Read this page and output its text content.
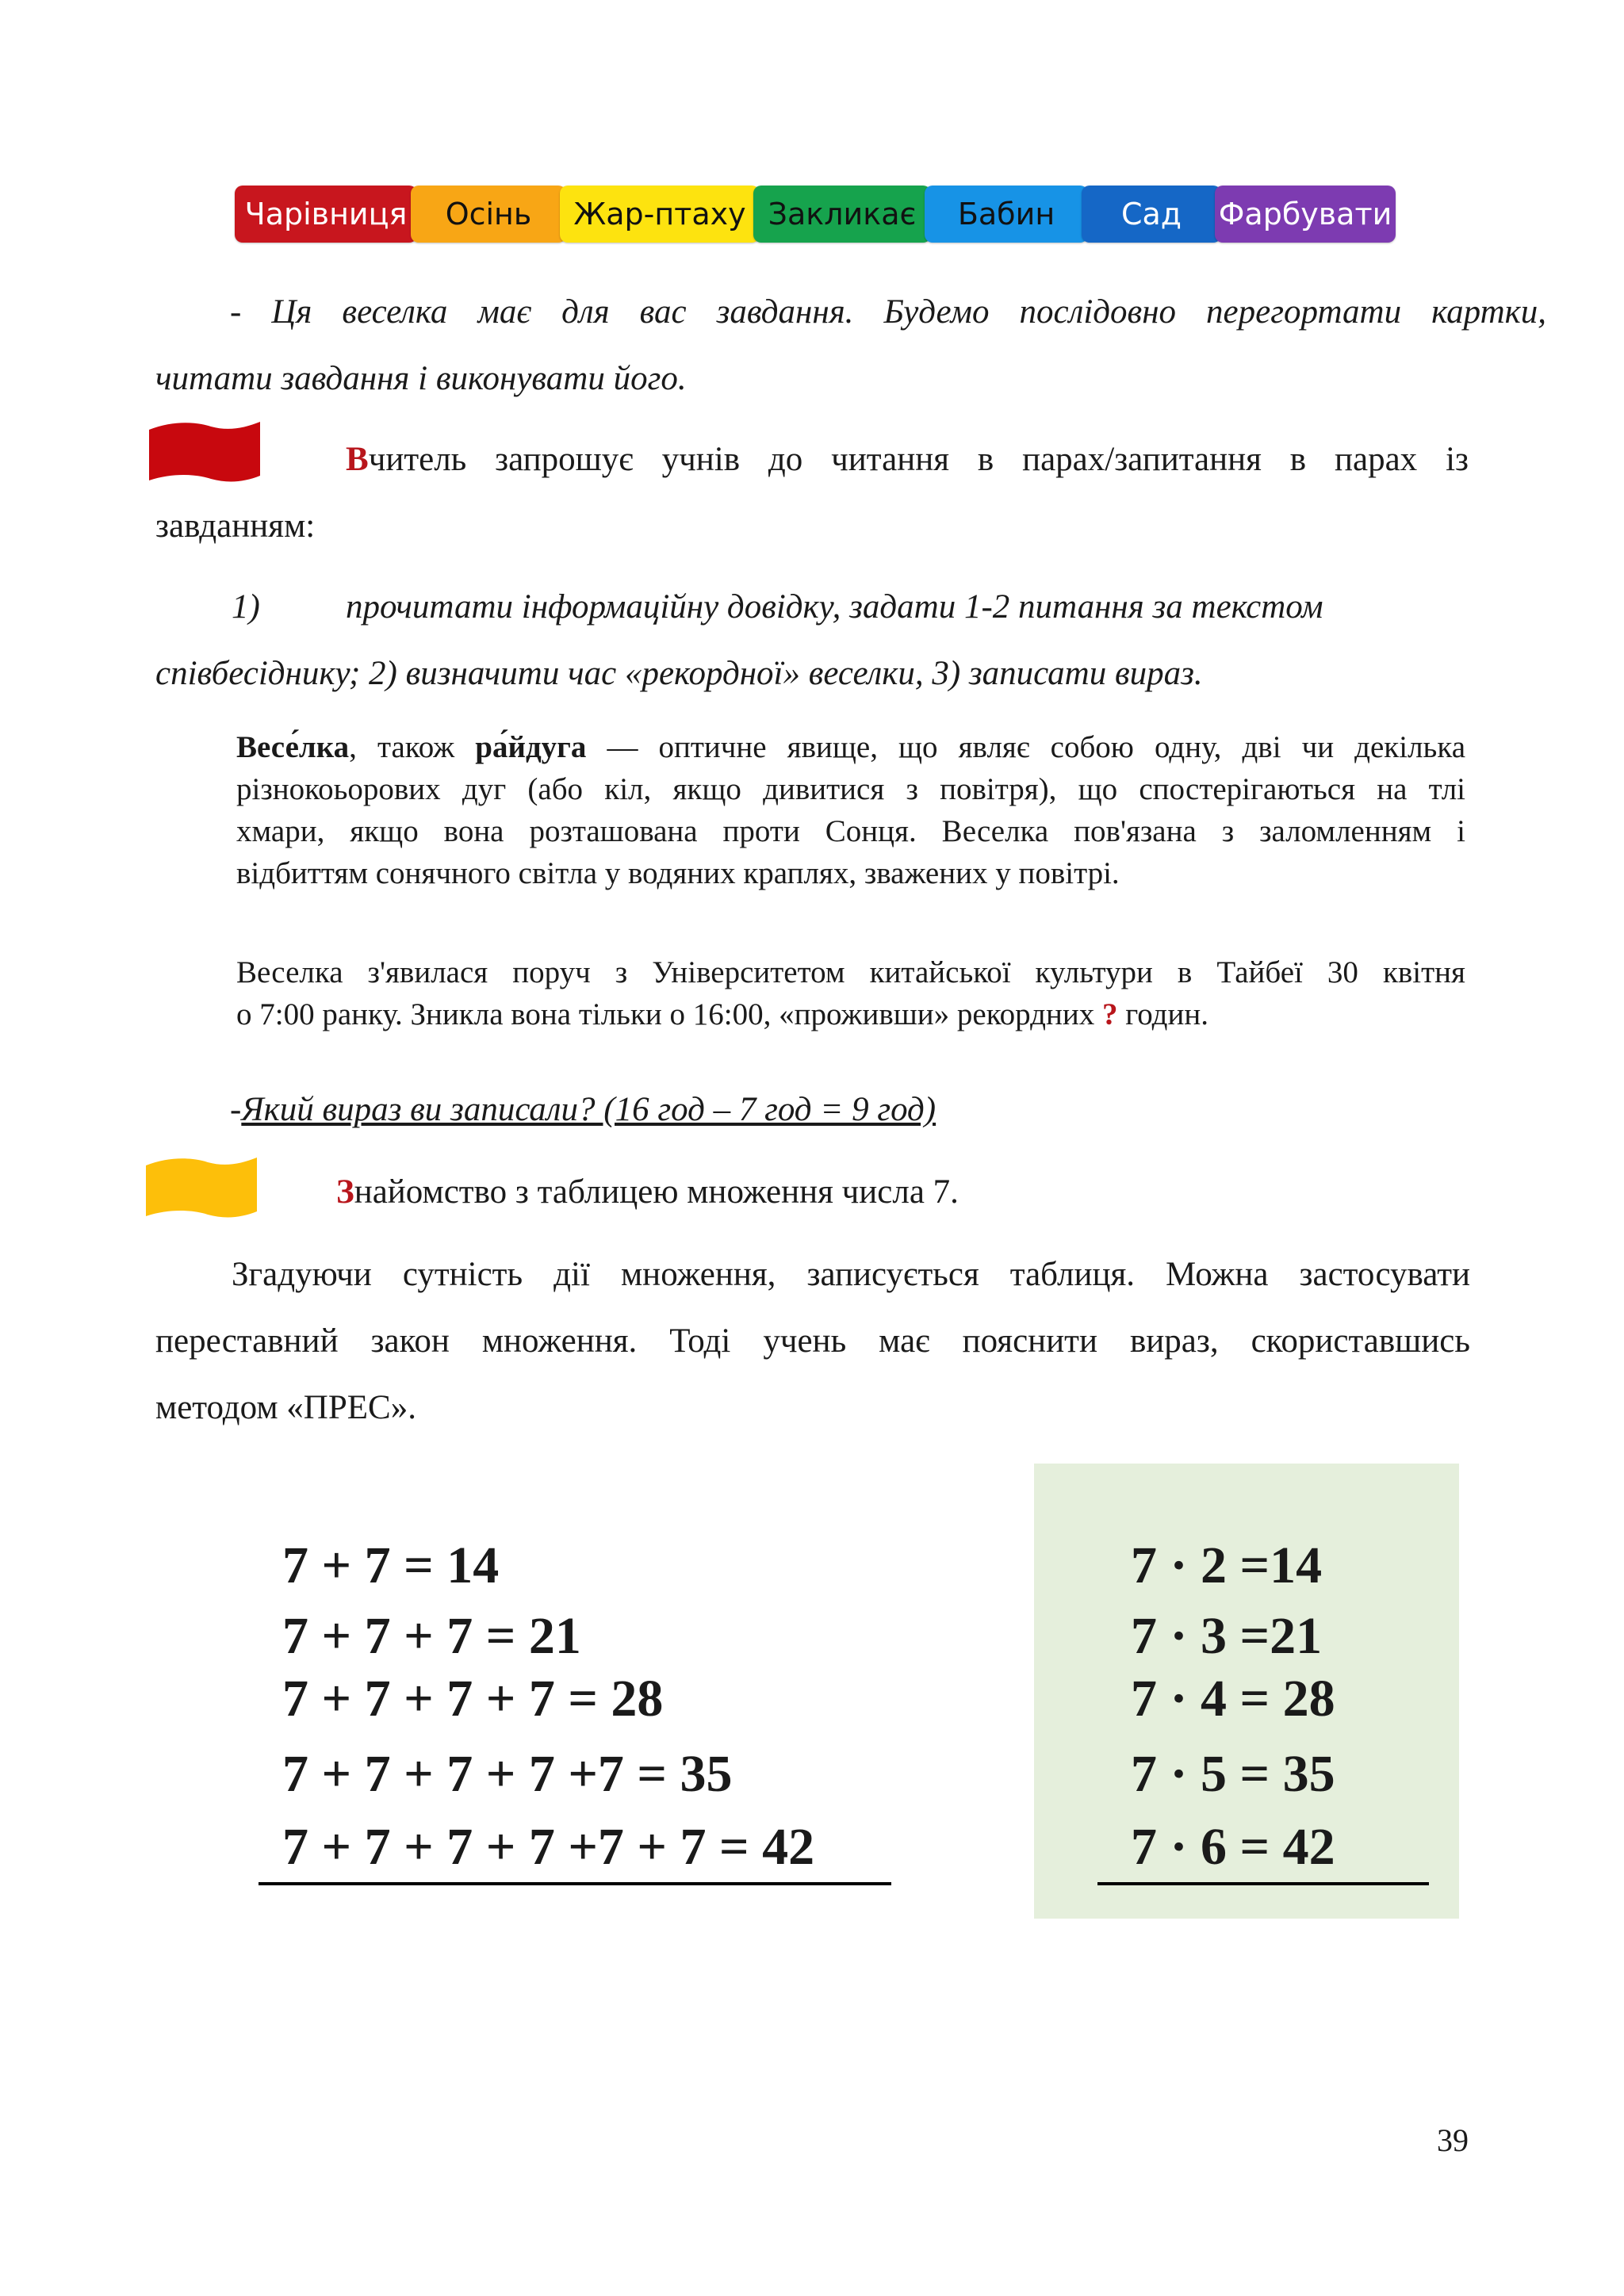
Чарівниця	Осінь	Жар-птаху Закликає	Бабин	Сад	Фарбувати
- Ця веселка має для вас завдання. Будемо послідовно перегортати картки,
читати завдання і виконувати його.
Вчитель запрошує учнів до читання в парах/запитання в парах із
завданням:
1)	прочитати інформаційну довідку, задати 1-2 питання за текстом
співбесіднику; 2) визначити час «рекордної» веселки, 3) записати вираз.
Весе́лка, також ра́йдуга — оптичне явище, що являє собою одну, дві чи декілька
різнокоьорових дуг (або кіл, якщо дивитися з повітря), що спостерігаються на тлі
хмари, якщо вона розташована проти Сонця. Веселка пов'язана з заломленням і
відбиттям сонячного світла у водяних краплях, зважених у повітрі.
Веселка з'явилася поруч з Університетом китайської культури в Тайбеї 30 квітня
о 7:00 ранку. Зникла вона тільки о 16:00, «проживши» рекордних ? годин.
-Який вираз ви записали? (16 год – 7 год = 9 год)
Знайомство з таблицею множення числа 7.
Згадуючи сутність дії множення, записується таблиця. Можна застосувати
переставний закон множення. Тоді учень має пояснити вираз, скориставшись
методом «ПРЕС».
7 + 7 = 14
7 + 7 + 7 = 21
7 + 7 + 7 + 7 = 28
7 + 7 + 7 + 7 +7 = 35
7 + 7 + 7 + 7 +7 + 7 = 42
7 · 2 =14
7 · 3 =21
7 · 4 = 28
7 · 5 = 35
7 · 6 = 42
39
